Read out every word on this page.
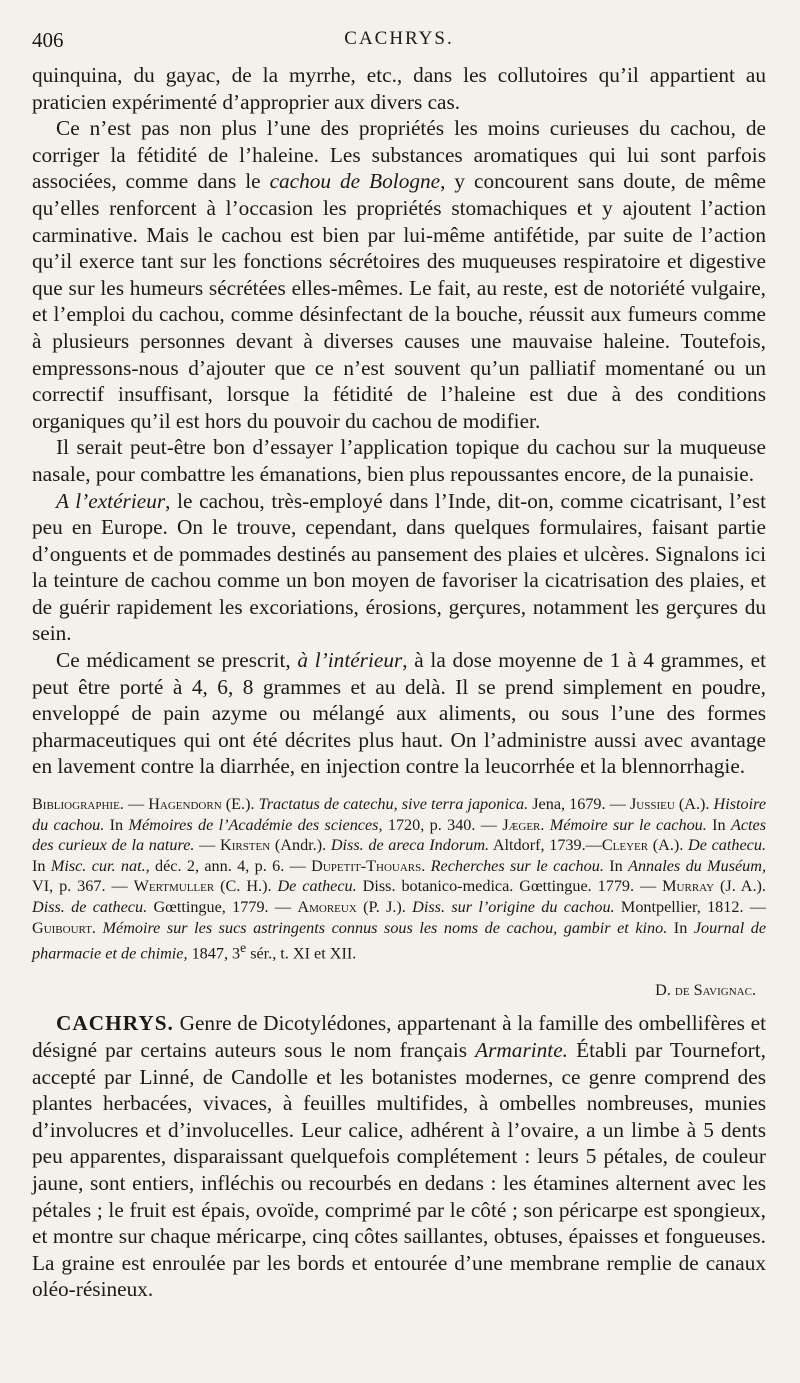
406	CACHRYS.

quinquina, du gayac, de la myrrhe, etc., dans les collutoires qu’il appartient au praticien expérimenté d’approprier aux divers cas.

Ce n’est pas non plus l’une des propriétés les moins curieuses du cachou, de corriger la fétidité de l’haleine. Les substances aromatiques qui lui sont parfois associées, comme dans le cachou de Bologne, y concourent sans doute, de même qu’elles renforcent à l’occasion les propriétés stomachiques et y ajoutent l’action carminative. Mais le cachou est bien par lui-même antifétide, par suite de l’action qu’il exerce tant sur les fonctions sécrétoires des muqueuses respiratoire et digestive que sur les humeurs sécrétées elles-mêmes. Le fait, au reste, est de notoriété vulgaire, et l’emploi du cachou, comme désinfectant de la bouche, réussit aux fumeurs comme à plusieurs personnes devant à diverses causes une mauvaise haleine. Toutefois, empressons-nous d’ajouter que ce n’est souvent qu’un palliatif momentané ou un correctif insuffisant, lorsque la fétidité de l’haleine est due à des conditions organiques qu’il est hors du pouvoir du cachou de modifier.

Il serait peut-être bon d’essayer l’application topique du cachou sur la muqueuse nasale, pour combattre les émanations, bien plus repoussantes encore, de la punaisie.

A l’extérieur, le cachou, très-employé dans l’Inde, dit-on, comme cicatrisant, l’est peu en Europe. On le trouve, cependant, dans quelques formulaires, faisant partie d’onguents et de pommades destinés au pansement des plaies et ulcères. Signalons ici la teinture de cachou comme un bon moyen de favoriser la cicatrisation des plaies, et de guérir rapidement les excoriations, érosions, gerçures, notamment les gerçures du sein.

Ce médicament se prescrit, à l’intérieur, à la dose moyenne de 1 à 4 grammes, et peut être porté à 4, 6, 8 grammes et au delà. Il se prend simplement en poudre, enveloppé de pain azyme ou mélangé aux aliments, ou sous l’une des formes pharmaceutiques qui ont été décrites plus haut. On l’administre aussi avec avantage en lavement contre la diarrhée, en injection contre la leucorrhée et la blennorrhagie.

Bibliographie. — Hagendorn (E.). Tractatus de catechu, sive terra japonica. Jena, 1679. — Jussieu (A.). Histoire du cachou. In Mémoires de l’Académie des sciences, 1720, p. 340. — Jæger. Mémoire sur le cachou. In Actes des curieux de la nature. — Kirsten (Andr.). Diss. de areca Indorum. Altdorf, 1739.—Cleyer (A.). De cathecu. In Misc. cur. nat., déc. 2, ann. 4, p. 6. — Dupetit-Thouars. Recherches sur le cachou. In Annales du Muséum, VI, p. 367. — Wertmuller (C. H.). De cathecu. Diss. botanico-medica. Gœttingue. 1779. — Murray (J. A.). Diss. de cathecu. Gœttingue, 1779. — Amoreux (P. J.). Diss. sur l’origine du cachou. Montpellier, 1812. — Guibourt. Mémoire sur les sucs astringents connus sous les noms de cachou, gambir et kino. In Journal de pharmacie et de chimie, 1847, 3e sér., t. XI et XII.

D. de Savignac.

CACHRYS. Genre de Dicotylédones, appartenant à la famille des ombellifères et désigné par certains auteurs sous le nom français Armarinte. Établi par Tournefort, accepté par Linné, de Candolle et les botanistes modernes, ce genre comprend des plantes herbacées, vivaces, à feuilles multifides, à ombelles nombreuses, munies d’involucres et d’involucelles. Leur calice, adhérent à l’ovaire, a un limbe à 5 dents peu apparentes, disparaissant quelquefois complétement : leurs 5 pétales, de couleur jaune, sont entiers, infléchis ou recourbés en dedans : les étamines alternent avec les pétales ; le fruit est épais, ovoïde, comprimé par le côté ; son péricarpe est spongieux, et montre sur chaque méricarpe, cinq côtes saillantes, obtuses, épaisses et fongueuses. La graine est enroulée par les bords et entourée d’une membrane remplie de canaux oléo-résineux.
